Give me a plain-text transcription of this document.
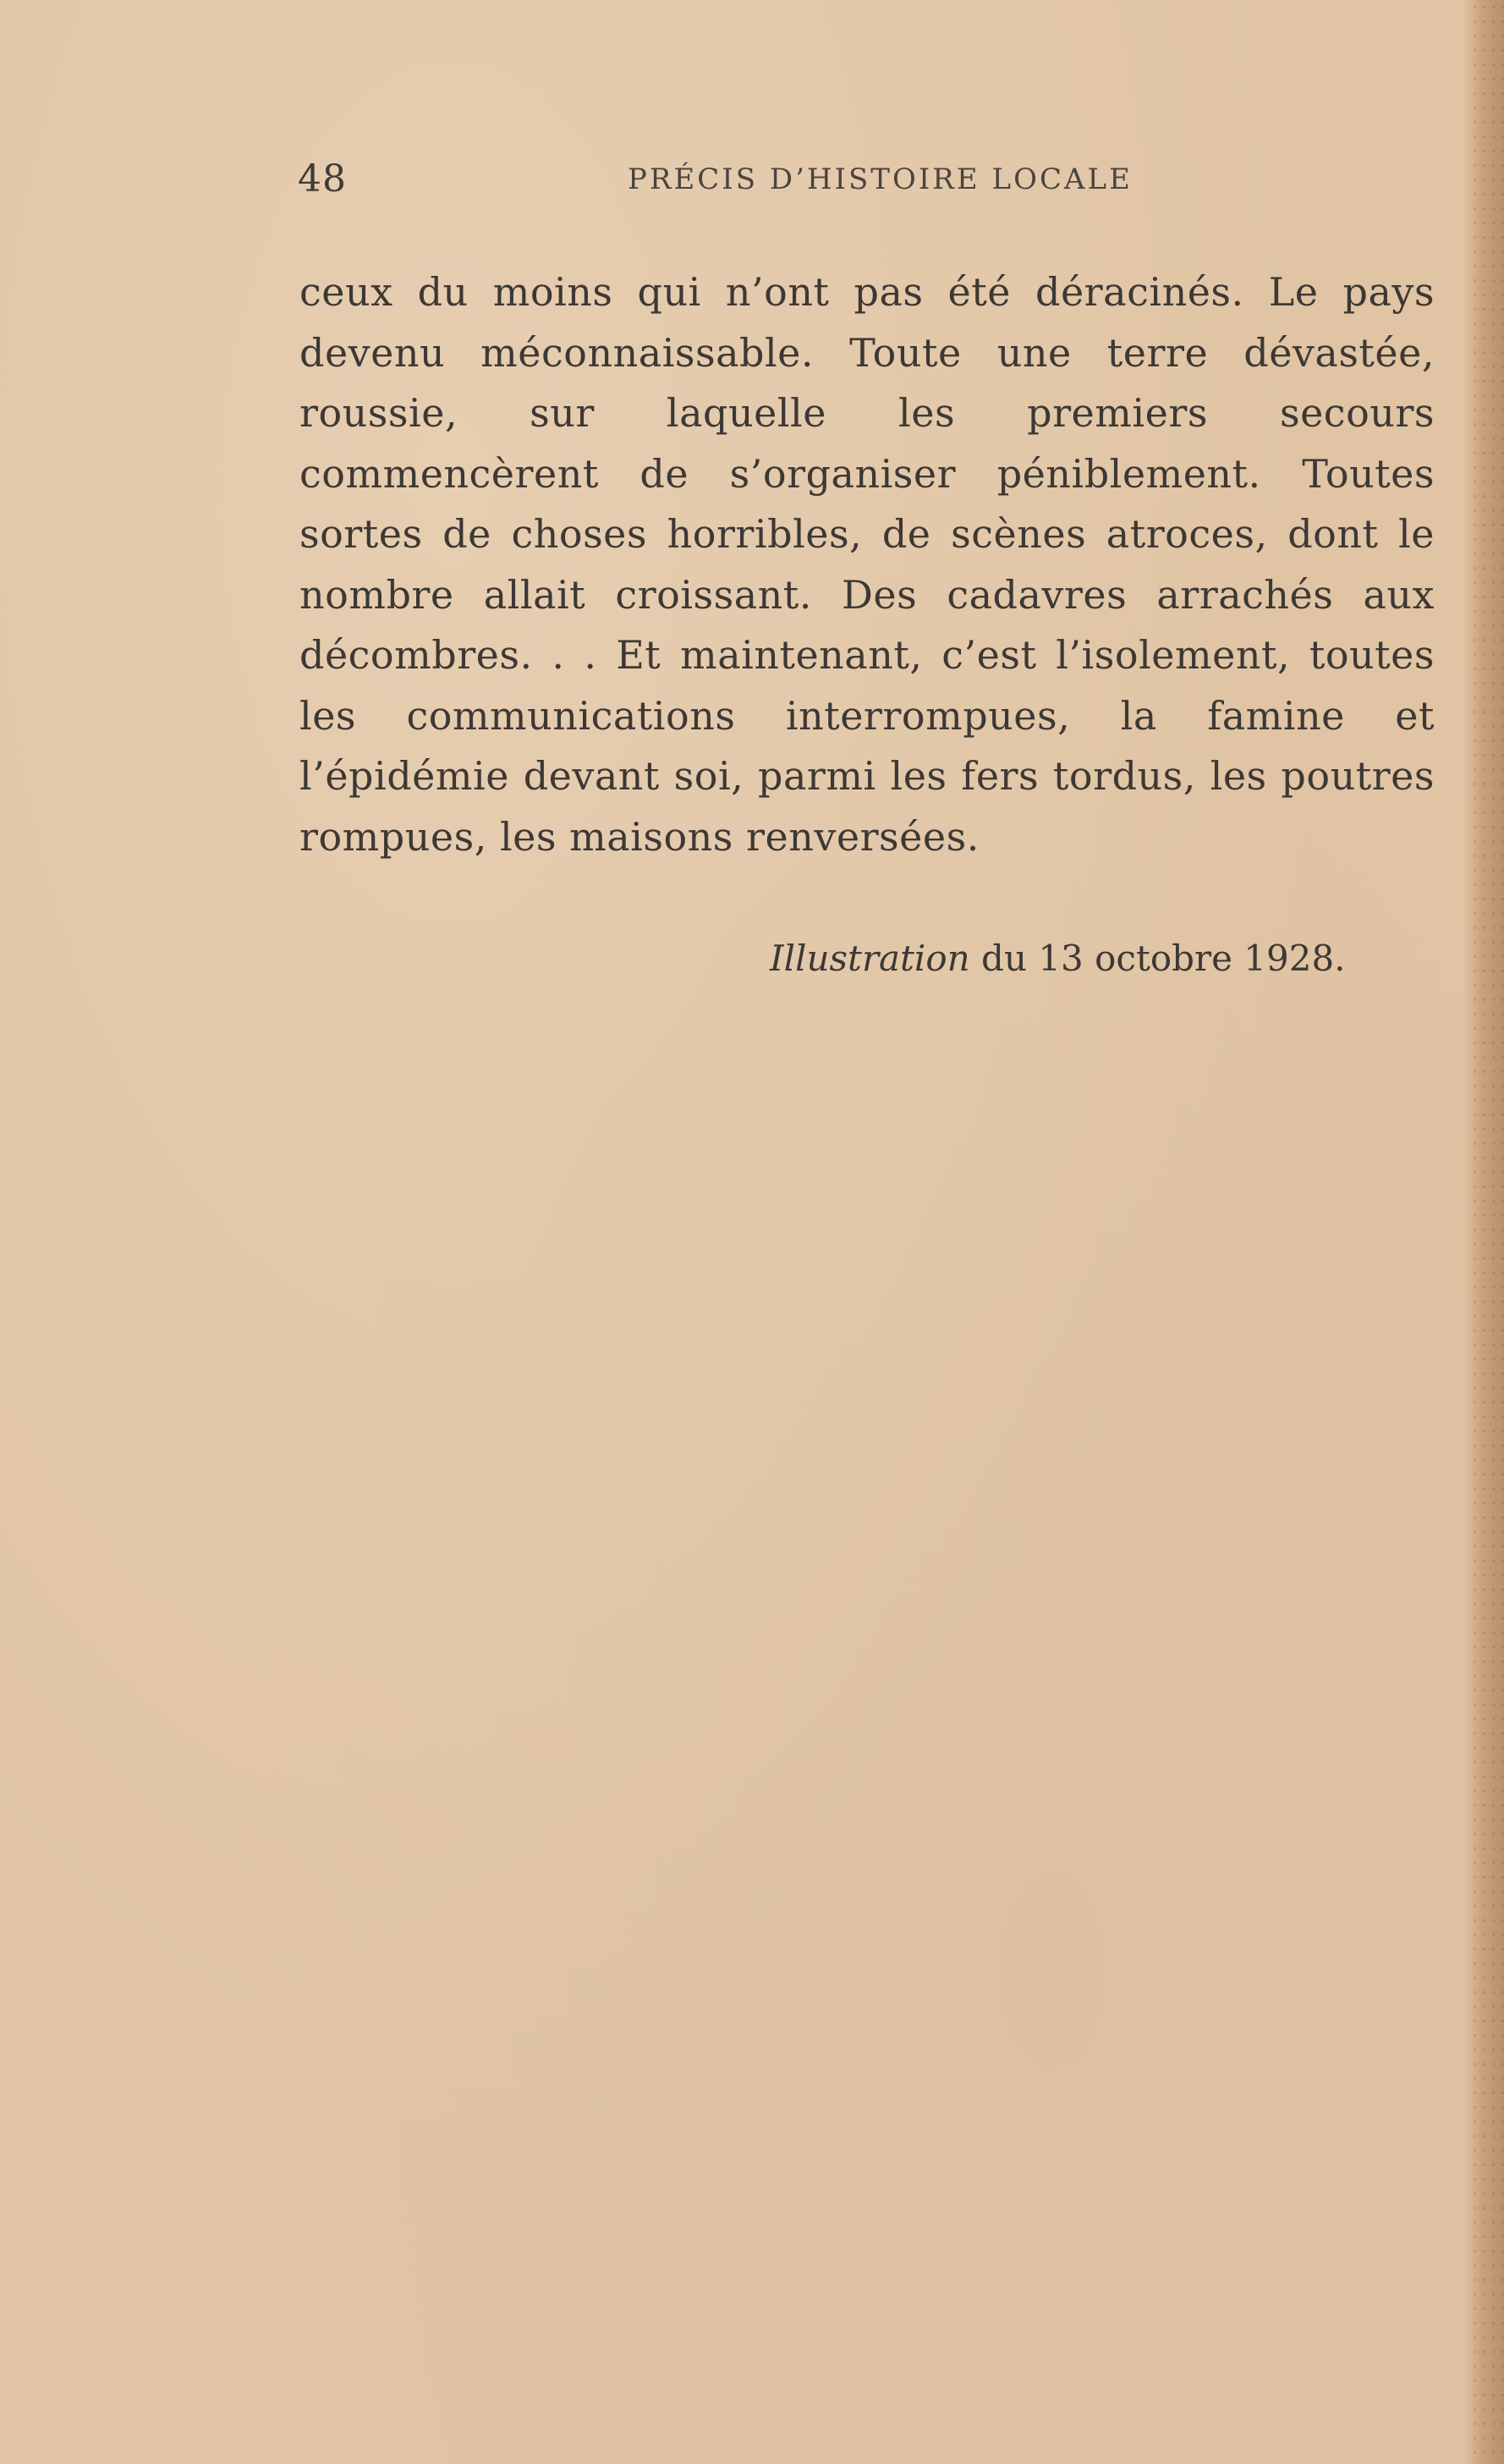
48	PRÉCIS D’HISTOIRE LOCALE

ceux du moins qui n’ont pas été déracinés. Le pays devenu méconnaissable. Toute une terre dévastée, roussie, sur laquelle les premiers secours commencèrent de s’organiser péniblement. Toutes sortes de choses horribles, de scènes atroces, dont le nombre allait croissant. Des cadavres arrachés aux décombres. . . Et maintenant, c’est l’isolement, toutes les communications interrompues, la famine et l’épidémie devant soi, parmi les fers tordus, les poutres rompues, les maisons renversées.

Illustration du 13 octobre 1928.
